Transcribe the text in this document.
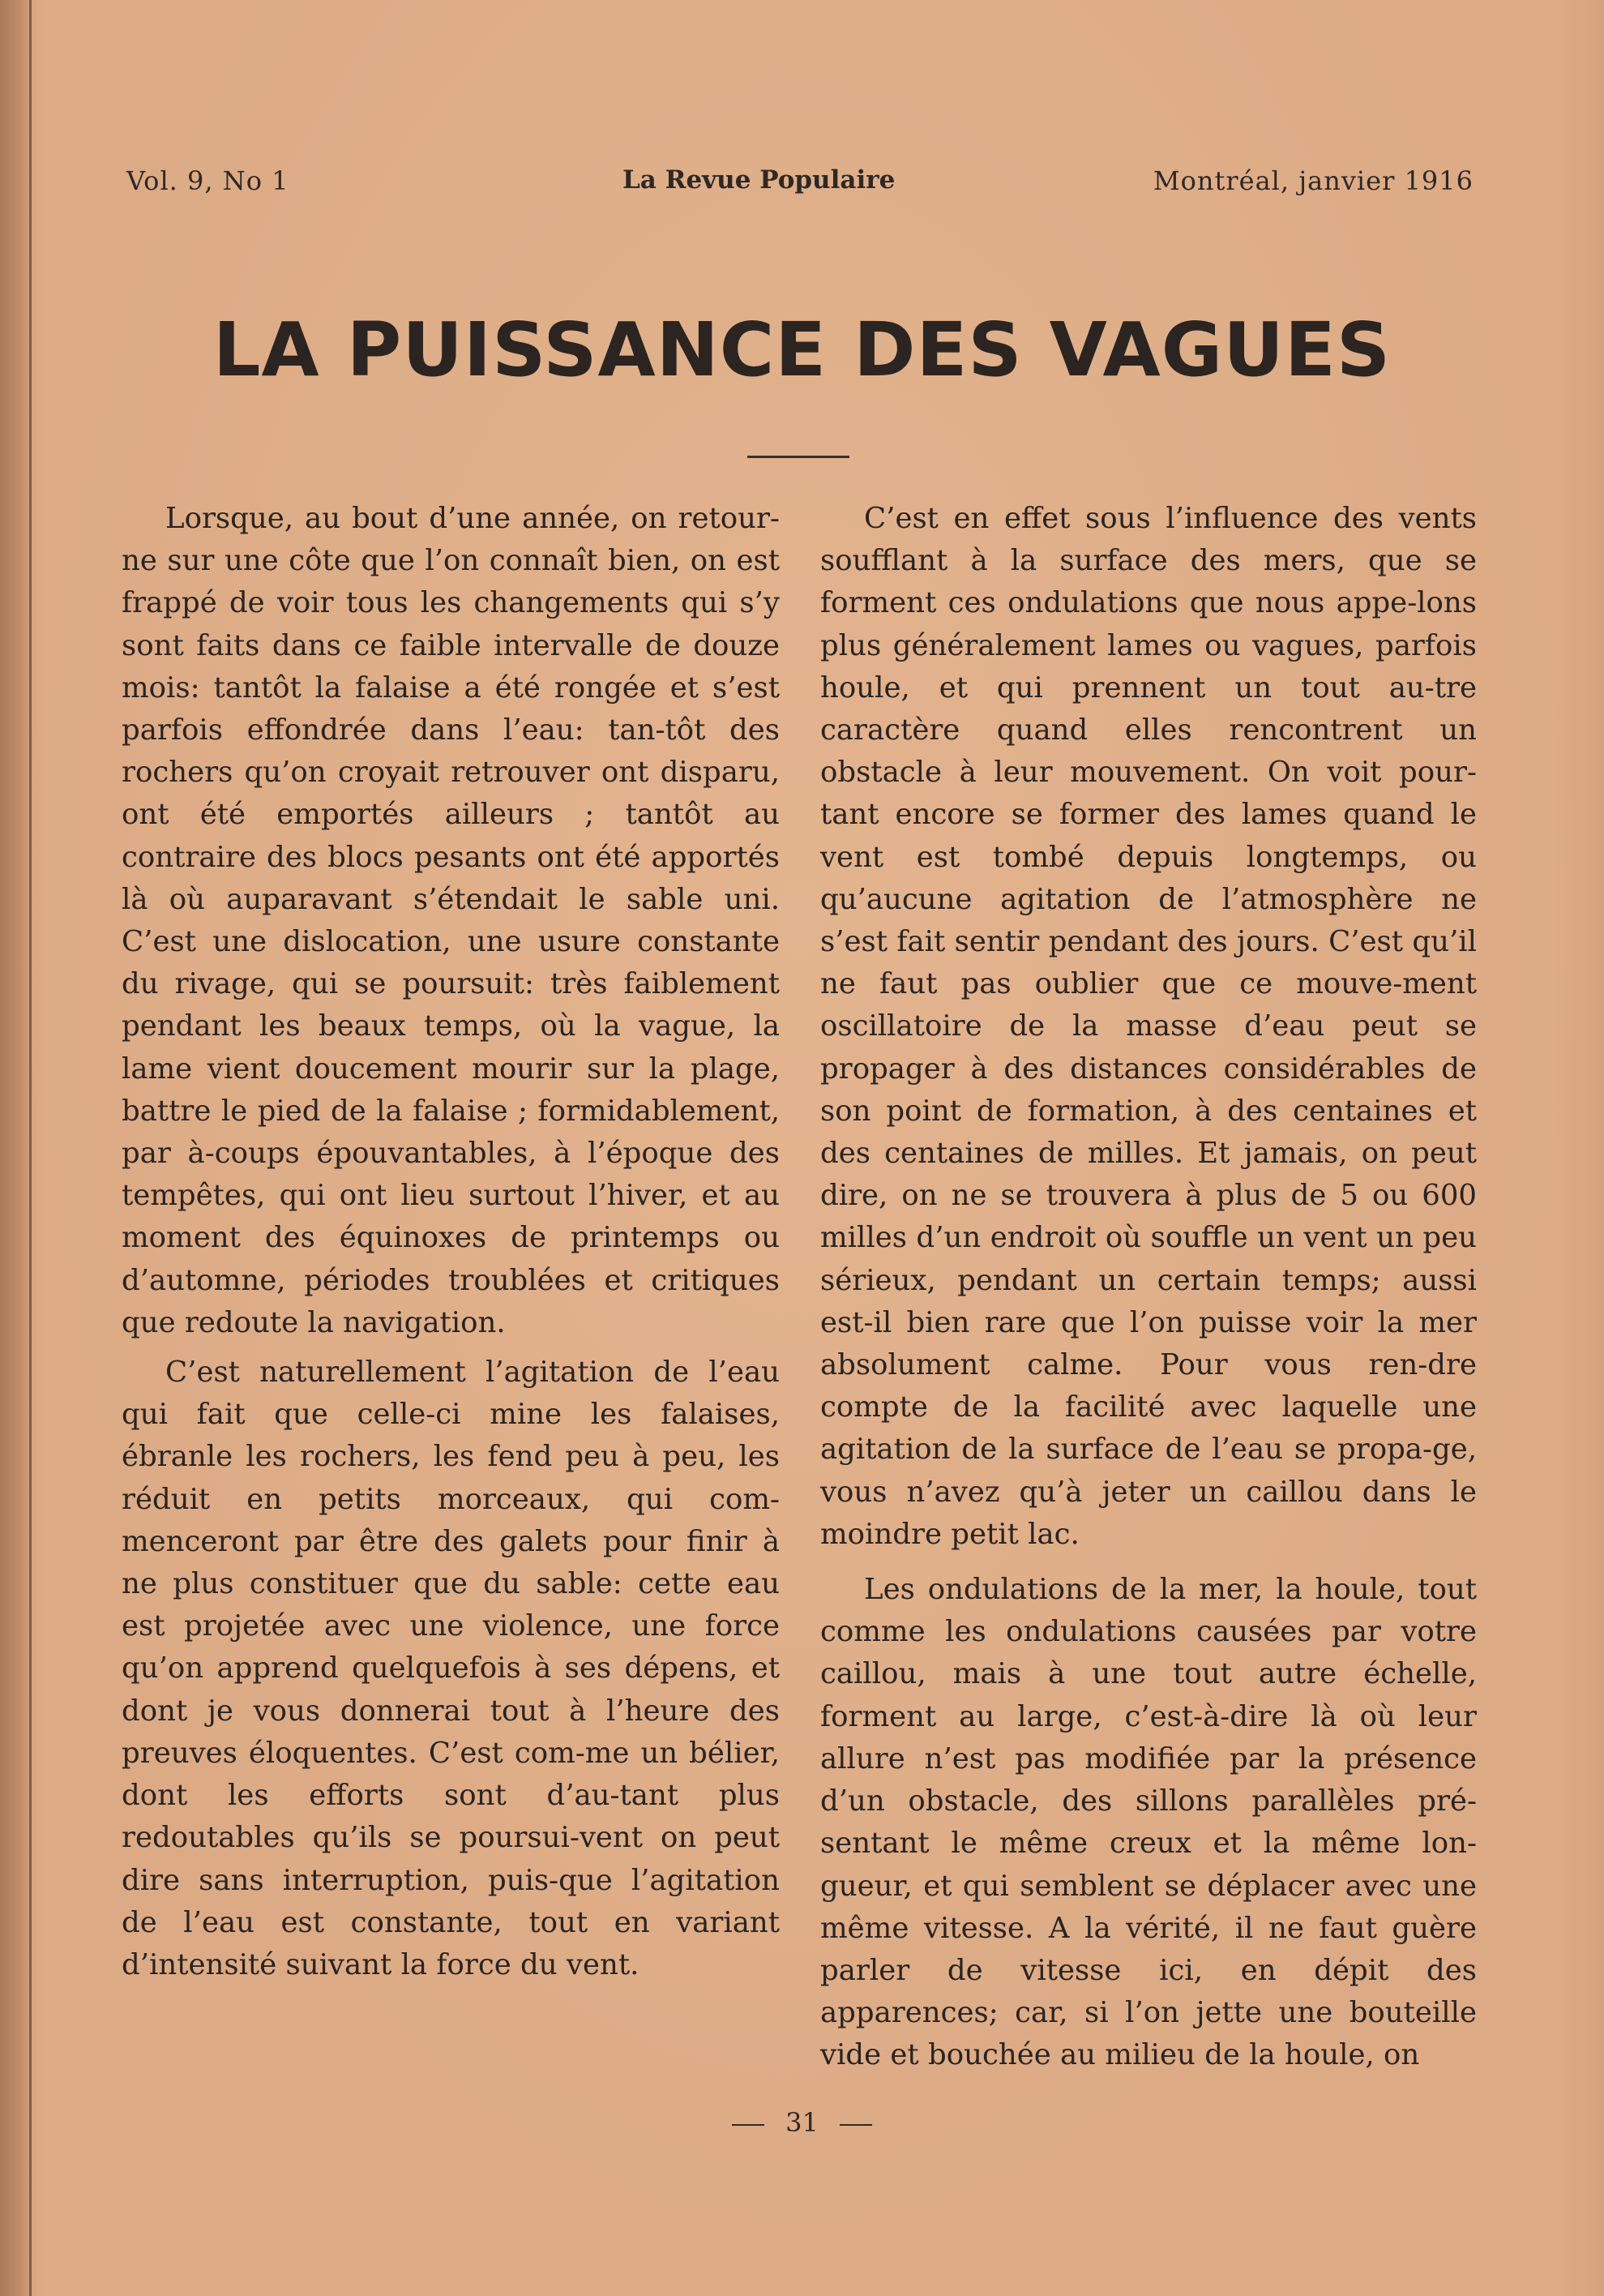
Vol. 9, No 1	La Revue Populaire	Montréal, janvier 1916
LA PUISSANCE DES VAGUES

Lorsque, au bout d’une année, on retour-ne sur une côte que l’on connaît bien, on est frappé de voir tous les changements qui s’y sont faits dans ce faible intervalle de douze mois: tantôt la falaise a été rongée et s’est parfois effondrée dans l’eau: tan-tôt des rochers qu’on croyait retrouver ont disparu, ont été emportés ailleurs ; tantôt au contraire des blocs pesants ont été apportés là où auparavant s’étendait le sable uni. C’est une dislocation, une usure constante du rivage, qui se poursuit: très faiblement pendant les beaux temps, où la vague, la lame vient doucement mourir sur la plage, battre le pied de la falaise ; formidablement, par à-coups épouvantables, à l’époque des tempêtes, qui ont lieu surtout l’hiver, et au moment des équinoxes de printemps ou d’automne, périodes troublées et critiques que redoute la navigation.

C’est naturellement l’agitation de l’eau qui fait que celle-ci mine les falaises, ébranle les rochers, les fend peu à peu, les réduit en petits morceaux, qui com-menceront par être des galets pour finir à ne plus constituer que du sable: cette eau est projetée avec une violence, une force qu’on apprend quelquefois à ses dépens, et dont je vous donnerai tout à l’heure des preuves éloquentes. C’est com-me un bélier, dont les efforts sont d’au-tant plus redoutables qu’ils se poursui-vent on peut dire sans interruption, puis-que l’agitation de l’eau est constante, tout en variant d’intensité suivant la force du vent.

C’est en effet sous l’influence des vents soufflant à la surface des mers, que se forment ces ondulations que nous appe-lons plus généralement lames ou vagues, parfois houle, et qui prennent un tout au-tre caractère quand elles rencontrent un obstacle à leur mouvement. On voit pour-tant encore se former des lames quand le vent est tombé depuis longtemps, ou qu’aucune agitation de l’atmosphère ne s’est fait sentir pendant des jours. C’est qu’il ne faut pas oublier que ce mouve-ment oscillatoire de la masse d’eau peut se propager à des distances considérables de son point de formation, à des centaines et des centaines de milles. Et jamais, on peut dire, on ne se trouvera à plus de 5 ou 600 milles d’un endroit où souffle un vent un peu sérieux, pendant un certain temps; aussi est-il bien rare que l’on puisse voir la mer absolument calme. Pour vous ren-dre compte de la facilité avec laquelle une agitation de la surface de l’eau se propa-ge, vous n’avez qu’à jeter un caillou dans le moindre petit lac.

Les ondulations de la mer, la houle, tout comme les ondulations causées par votre caillou, mais à une tout autre échelle, forment au large, c’est-à-dire là où leur allure n’est pas modifiée par la présence d’un obstacle, des sillons parallèles pré-sentant le même creux et la même lon-gueur, et qui semblent se déplacer avec une même vitesse. A la vérité, il ne faut guère parler de vitesse ici, en dépit des apparences; car, si l’on jette une bouteille vide et bouchée au milieu de la houle, on

31
